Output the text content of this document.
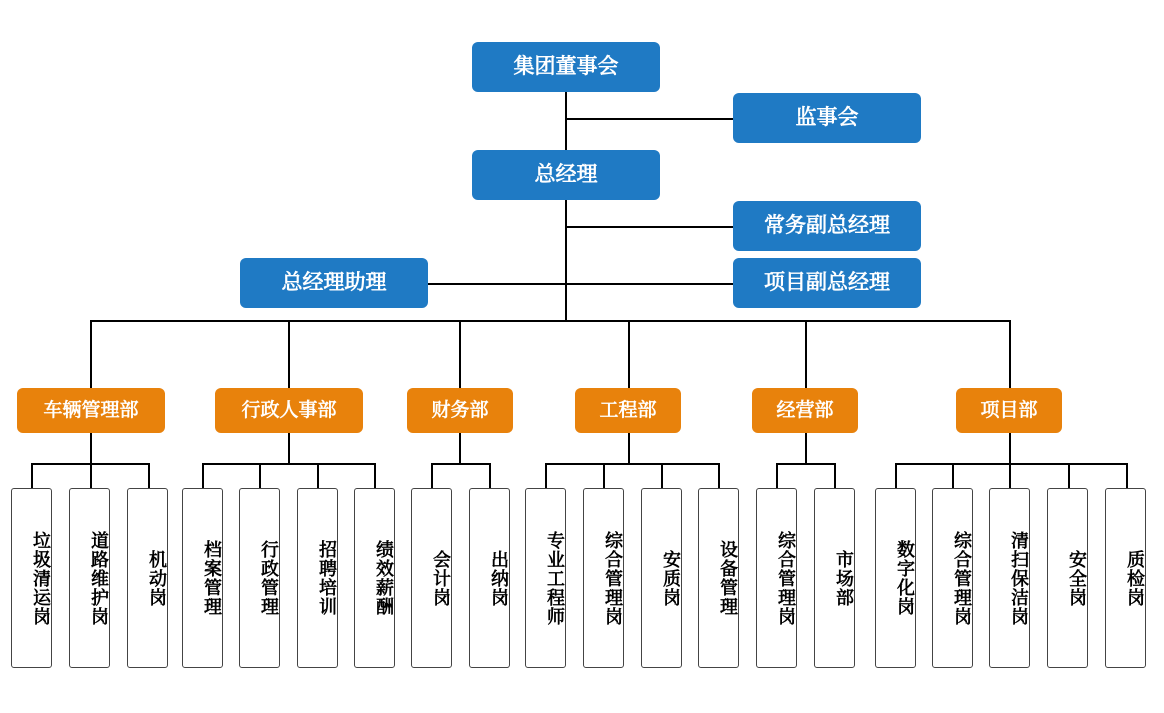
集团董事会
监事会
总经理
常务副总经理
总经理助理	项目副总经理
车辆管理部	行政人事部	财务部	工程部	经营部	项目部
垃圾清运岗	道路维护岗	机动岗	档案管理	行政管理	招聘培训	绩效薪酬	会计岗	出纳岗	专业工程师	综合管理岗	安质岗	设备管理	综合管理岗	市场部	数字化岗	综合管理岗	清扫保洁岗	安全岗	质检岗
